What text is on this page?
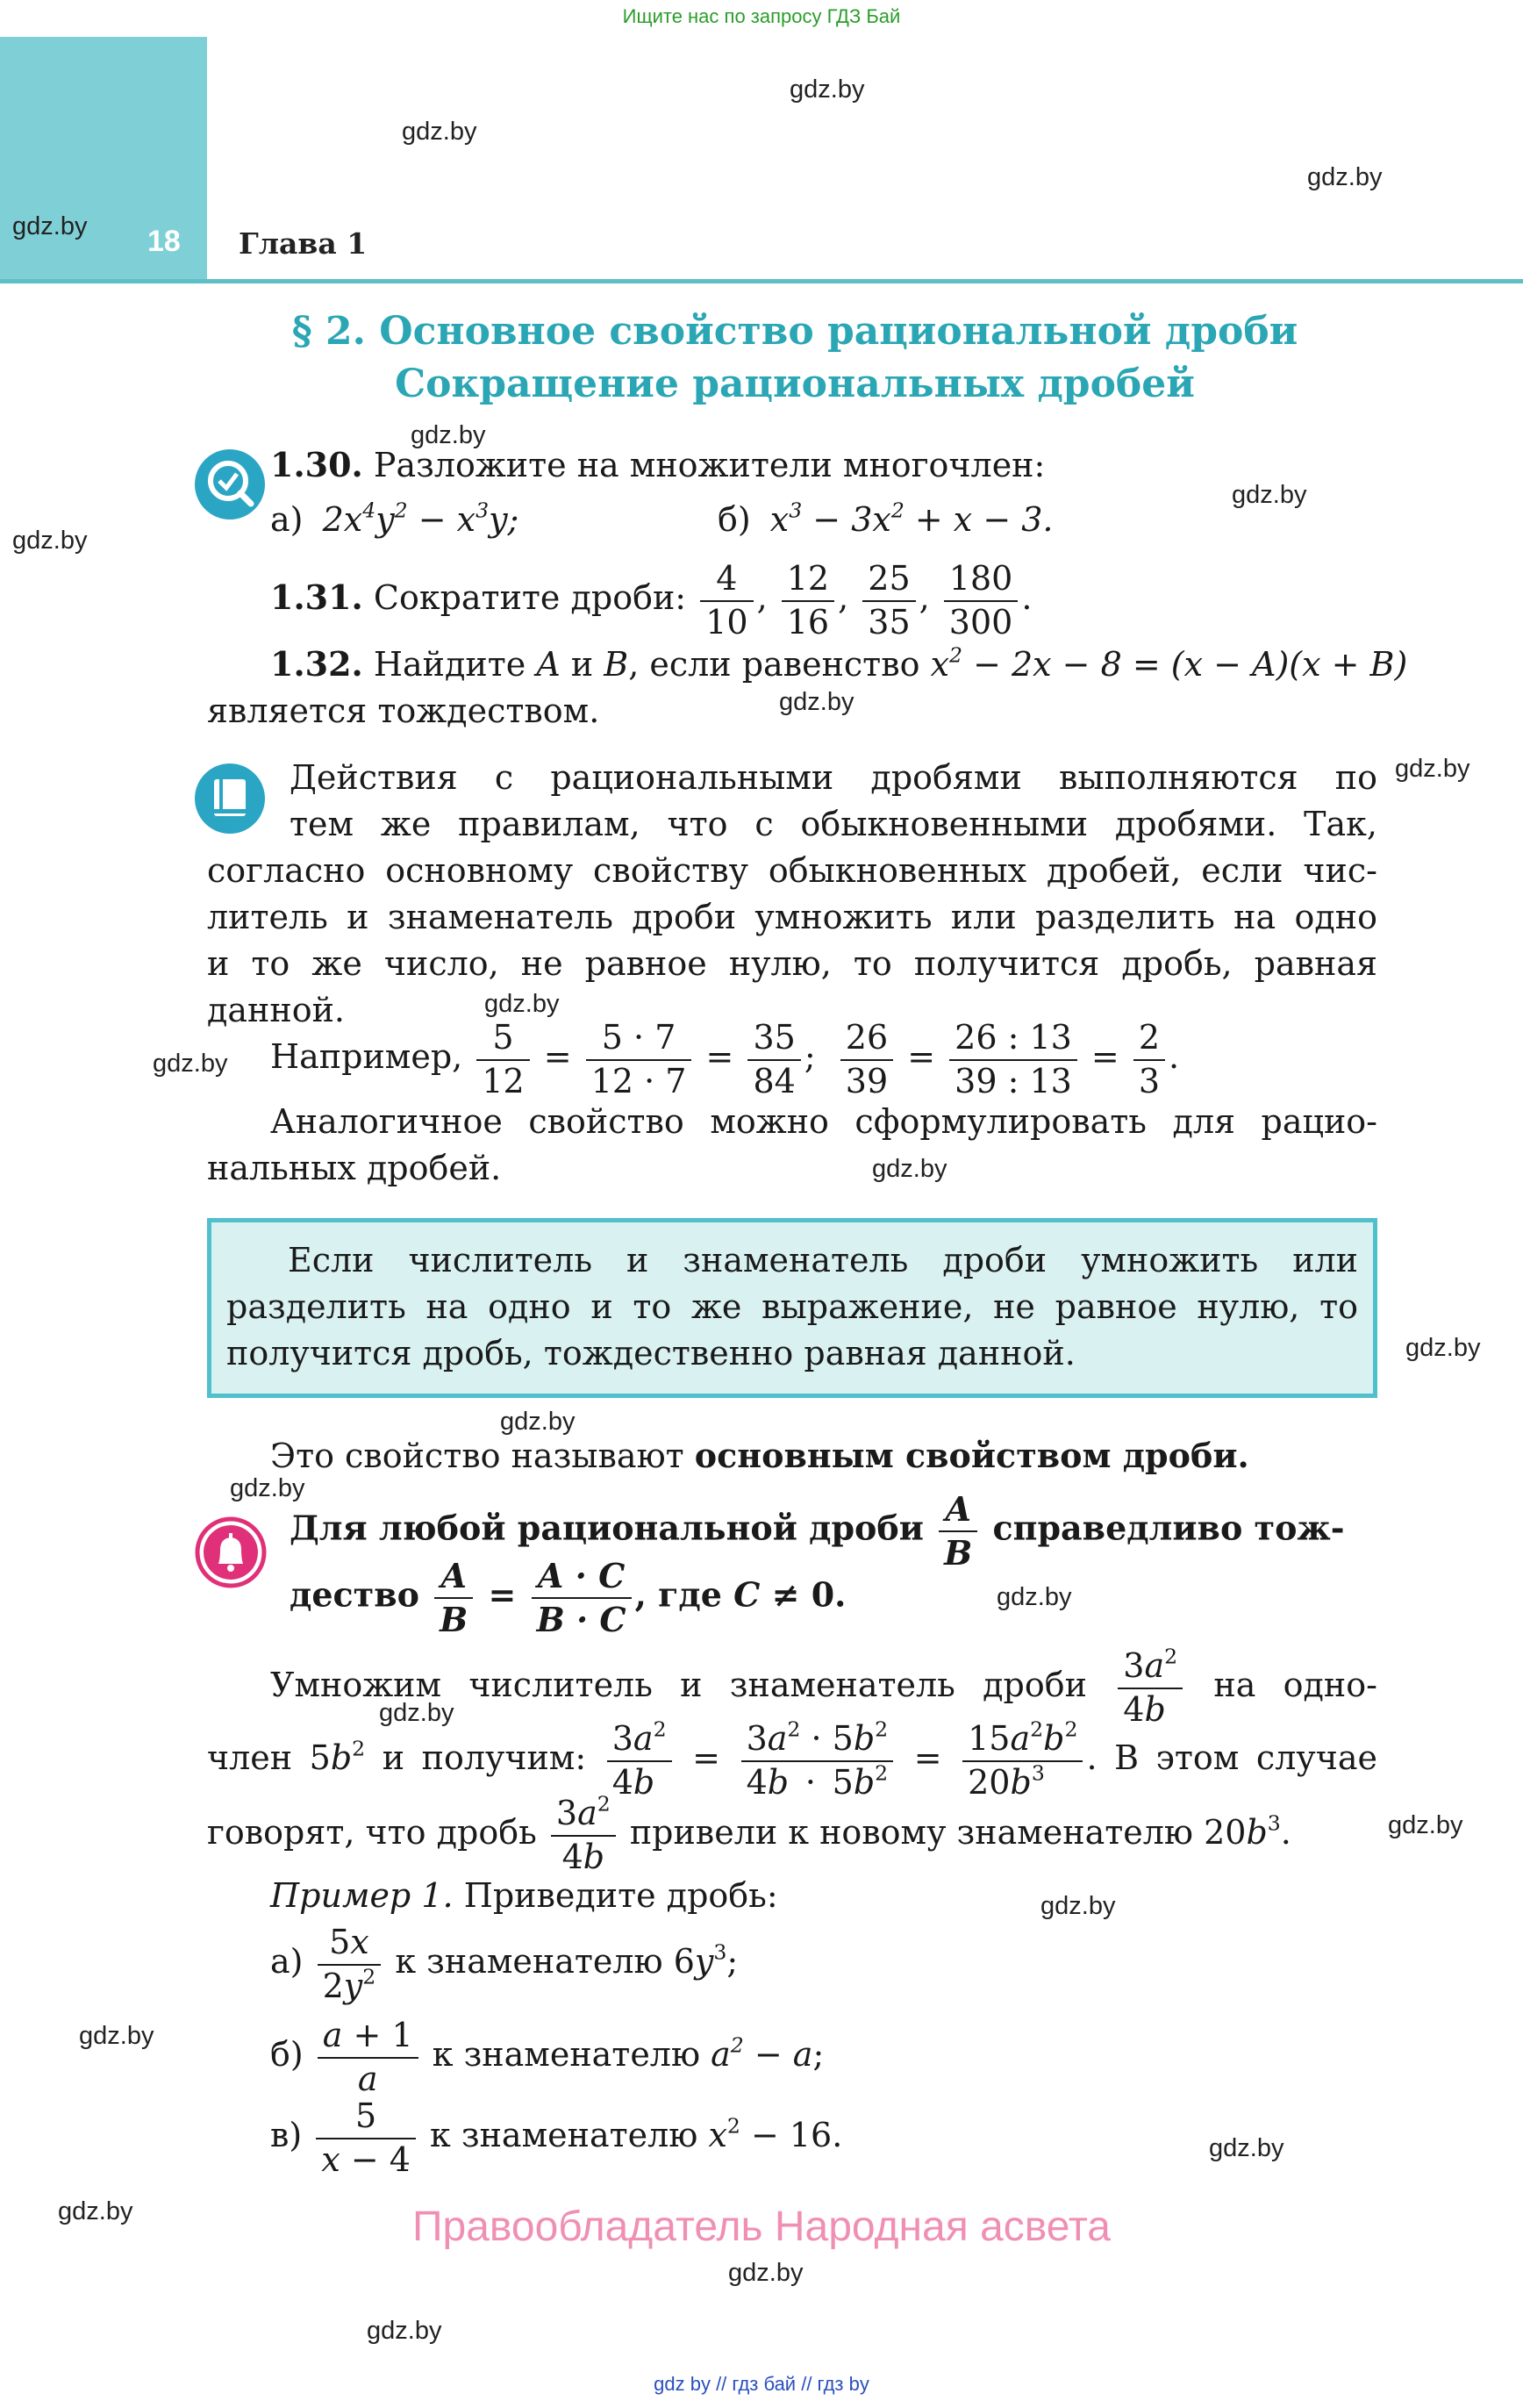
Ищите нас по запросу ГДЗ Бай
18 Глава 1
gdz.by
gdz.by
gdz.by
gdz.by
gdz.by
gdz.by
gdz.by
gdz.by
gdz.by
gdz.by
gdz.by
gdz.by
gdz.by
gdz.by
gdz.by
gdz.by
gdz.by
gdz.by
gdz.by
gdz.by
gdz.by
gdz.by
gdz.by
gdz.by
§ 2. Основное свойство рациональной дроби
Сокращение рациональных дробей
1.30. Разложите на множители многочлен:
а) $2x^4y^2 - x^3y$;	б) $x^3 - 3x^2 + x - 3$.
1.31. Сократите дроби: $\frac{4}{10}$ , $\frac{12}{16}$ , $\frac{25}{35}$ , $\frac{180}{300}$ .
1.32. Найдите A и B, если равенство $x^2 - 2x - 8 = (x - A)(x + B)$
является тождеством.
Действия с рациональными дробями выполняются по
тем же правилам, что с обыкновенными дробями. Так,
согласно основному свойству обыкновенных дробей, если чис-
литель и знаменатель дроби умножить или разделить на одно
и то же число, не равное нулю, то получится дробь, равная
данной.
Например, $\frac{5}{12} = \frac{5 \cdot 7}{12 \cdot 7} = \frac{35}{84}$ ; $\frac{26}{39} = \frac{26 : 13}{39 : 13} = \frac{2}{3}$ .
Аналогичное свойство можно сформулировать для рацио-
нальных дробей.
Если числитель и знаменатель дроби умножить или
разделить на одно и то же выражение, не равное нулю, то
получится дробь, тождественно равная данной.
Это свойство называют основным свойством дроби.
Для любой рациональной дроби $\frac{A}{B}$ справедливо тож-
дество $\frac{A}{B} = \frac{A \cdot C}{B \cdot C}$ , где C ≠ 0.
Умножим числитель и знаменатель дроби $\frac{3a^2}{4b}$ на одно-
член $5b^2$ и получим: $\frac{3a^2}{4b} = \frac{3a^2 \cdot 5b^2}{4b \cdot 5b^2} = \frac{15a^2b^2}{20b^3}$ . В этом случае
говорят, что дробь $\frac{3a^2}{4b}$ привели к новому знаменателю $20b^3$.
Пример 1. Приведите дробь:
$а) \frac{5x}{2y^2}$ к знаменателю $6y^3$;
$б) \frac{a + 1}{a}$ к знаменателю $a^2 - a$;
$в) \frac{5}{x - 4}$ к знаменателю $x^2 - 16$.
Правообладатель Народная асвета
gdz by // гдз бай // гдз by
